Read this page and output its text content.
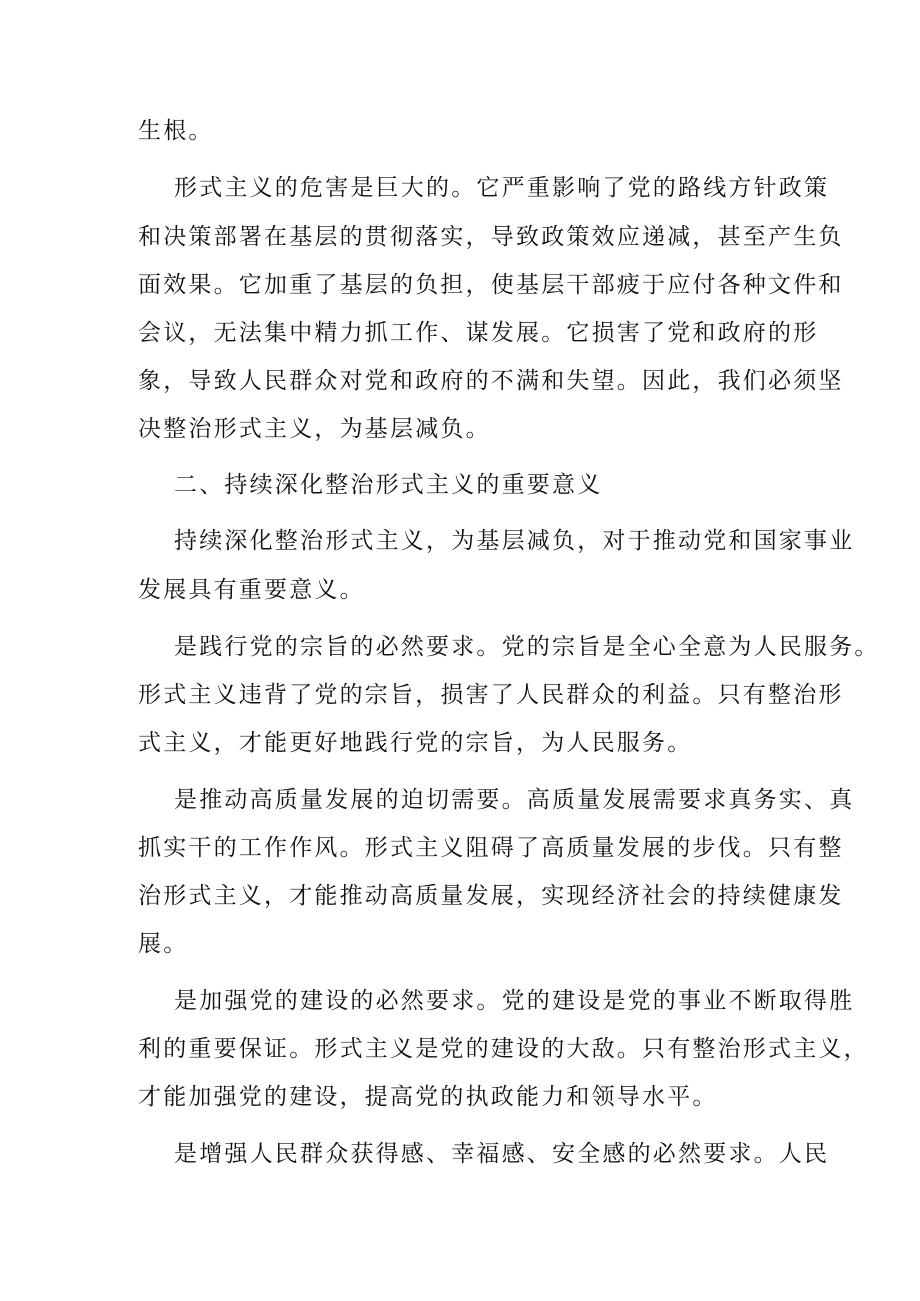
生根。
形式主义的危害是巨大的。它严重影响了党的路线方针政策
和决策部署在基层的贯彻落实，导致政策效应递减，甚至产生负
面效果。它加重了基层的负担，使基层干部疲于应付各种文件和
会议，无法集中精力抓工作、谋发展。它损害了党和政府的形
象，导致人民群众对党和政府的不满和失望。因此，我们必须坚
决整治形式主义，为基层减负。
二、持续深化整治形式主义的重要意义
持续深化整治形式主义，为基层减负，对于推动党和国家事业
发展具有重要意义。
是践行党的宗旨的必然要求。党的宗旨是全心全意为人民服务。
形式主义违背了党的宗旨，损害了人民群众的利益。只有整治形
式主义，才能更好地践行党的宗旨，为人民服务。
是推动高质量发展的迫切需要。高质量发展需要求真务实、真
抓实干的工作作风。形式主义阻碍了高质量发展的步伐。只有整
治形式主义，才能推动高质量发展，实现经济社会的持续健康发
展。
是加强党的建设的必然要求。党的建设是党的事业不断取得胜
利的重要保证。形式主义是党的建设的大敌。只有整治形式主义，
才能加强党的建设，提高党的执政能力和领导水平。
是增强人民群众获得感、幸福感、安全感的必然要求。人民
